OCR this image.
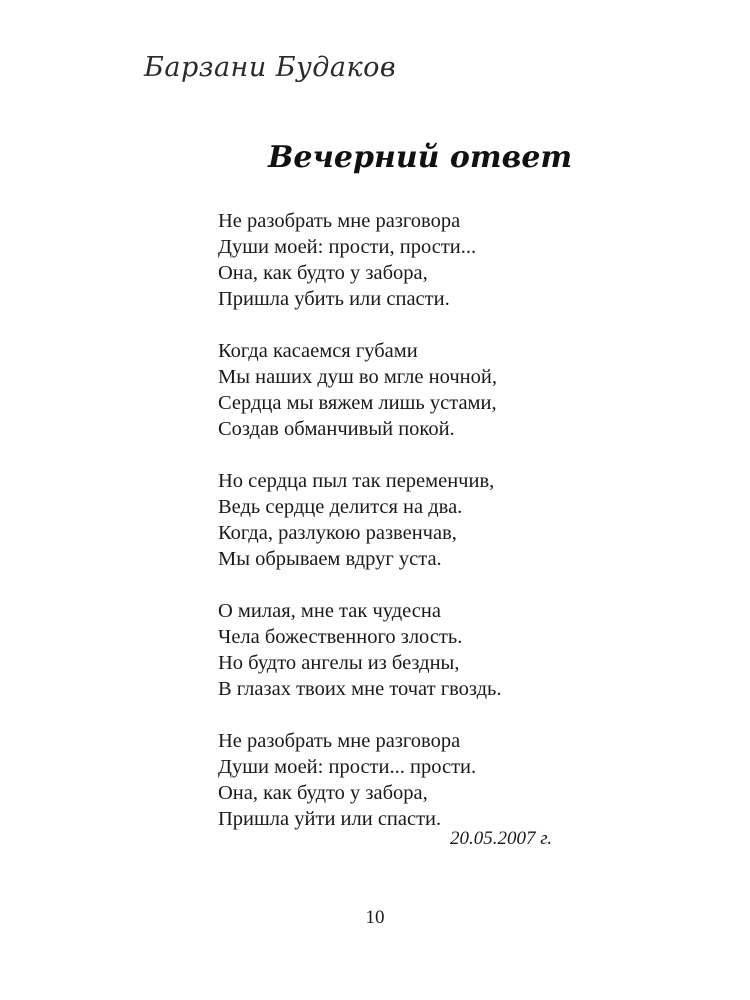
Барзани Будаков
Вечерний ответ
Не разобрать мне разговора
Души моей: прости, прости...
Она, как будто у забора,
Пришла убить или спасти.
Когда касаемся губами
Мы наших душ во мгле ночной,
Сердца мы вяжем лишь устами,
Создав обманчивый покой.
Но сердца пыл так переменчив,
Ведь сердце делится на два.
Когда, разлукою развенчав,
Мы обрываем вдруг уста.
О милая, мне так чудесна
Чела божественного злость.
Но будто ангелы из бездны,
В глазах твоих мне точат гвоздь.
Не разобрать мне разговора
Души моей: прости... прости.
Она, как будто у забора,
Пришла уйти или спасти.
20.05.2007 г.
10
